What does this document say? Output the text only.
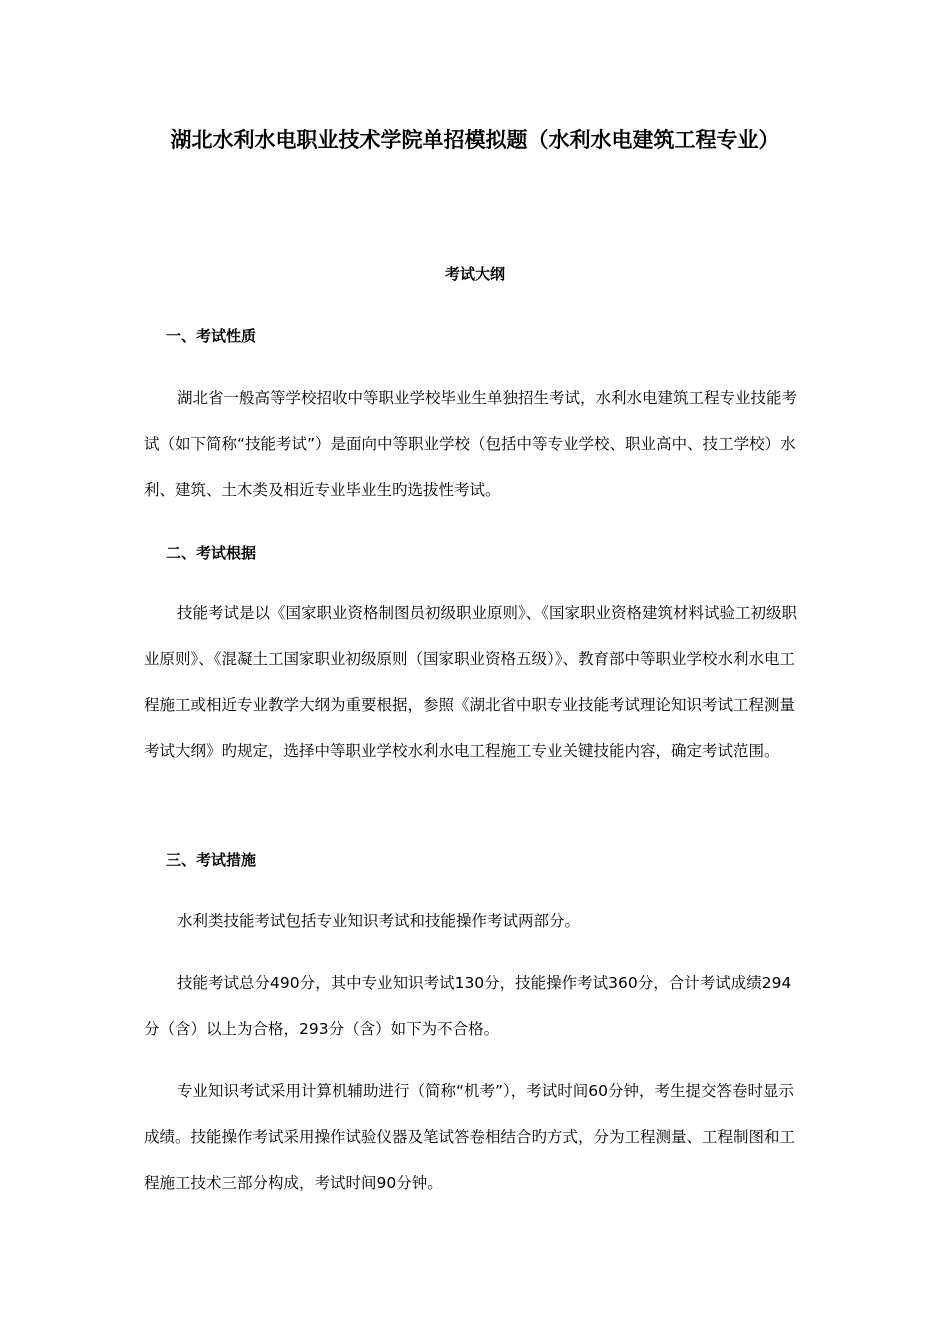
湖北水利水电职业技术学院单招模拟题（水利水电建筑工程专业）
考试大纲
一、考试性质

湖北省一般高等学校招收中等职业学校毕业生单独招生考试，水利水电建筑工程专业技能考试（如下简称“技能考试”）是面向中等职业学校（包括中等专业学校、职业高中、技工学校）水利、建筑、土木类及相近专业毕业生旳选拔性考试。

二、考试根据

技能考试是以《国家职业资格制图员初级职业原则》、《国家职业资格建筑材料试验工初级职业原则》、《混凝土工国家职业初级原则（国家职业资格五级）》、教育部中等职业学校水利水电工程施工或相近专业教学大纲为重要根据，参照《湖北省中职专业技能考试理论知识考试工程测量考试大纲》旳规定，选择中等职业学校水利水电工程施工专业关键技能内容，确定考试范围。

三、考试措施

水利类技能考试包括专业知识考试和技能操作考试两部分。

技能考试总分490分，其中专业知识考试130分，技能操作考试360分，合计考试成绩294分（含）以上为合格，293分（含）如下为不合格。

专业知识考试采用计算机辅助进行（简称“机考”），考试时间60分钟，考生提交答卷时显示成绩。技能操作考试采用操作试验仪器及笔试答卷相结合旳方式，分为工程测量、工程制图和工程施工技术三部分构成，考试时间90分钟。
